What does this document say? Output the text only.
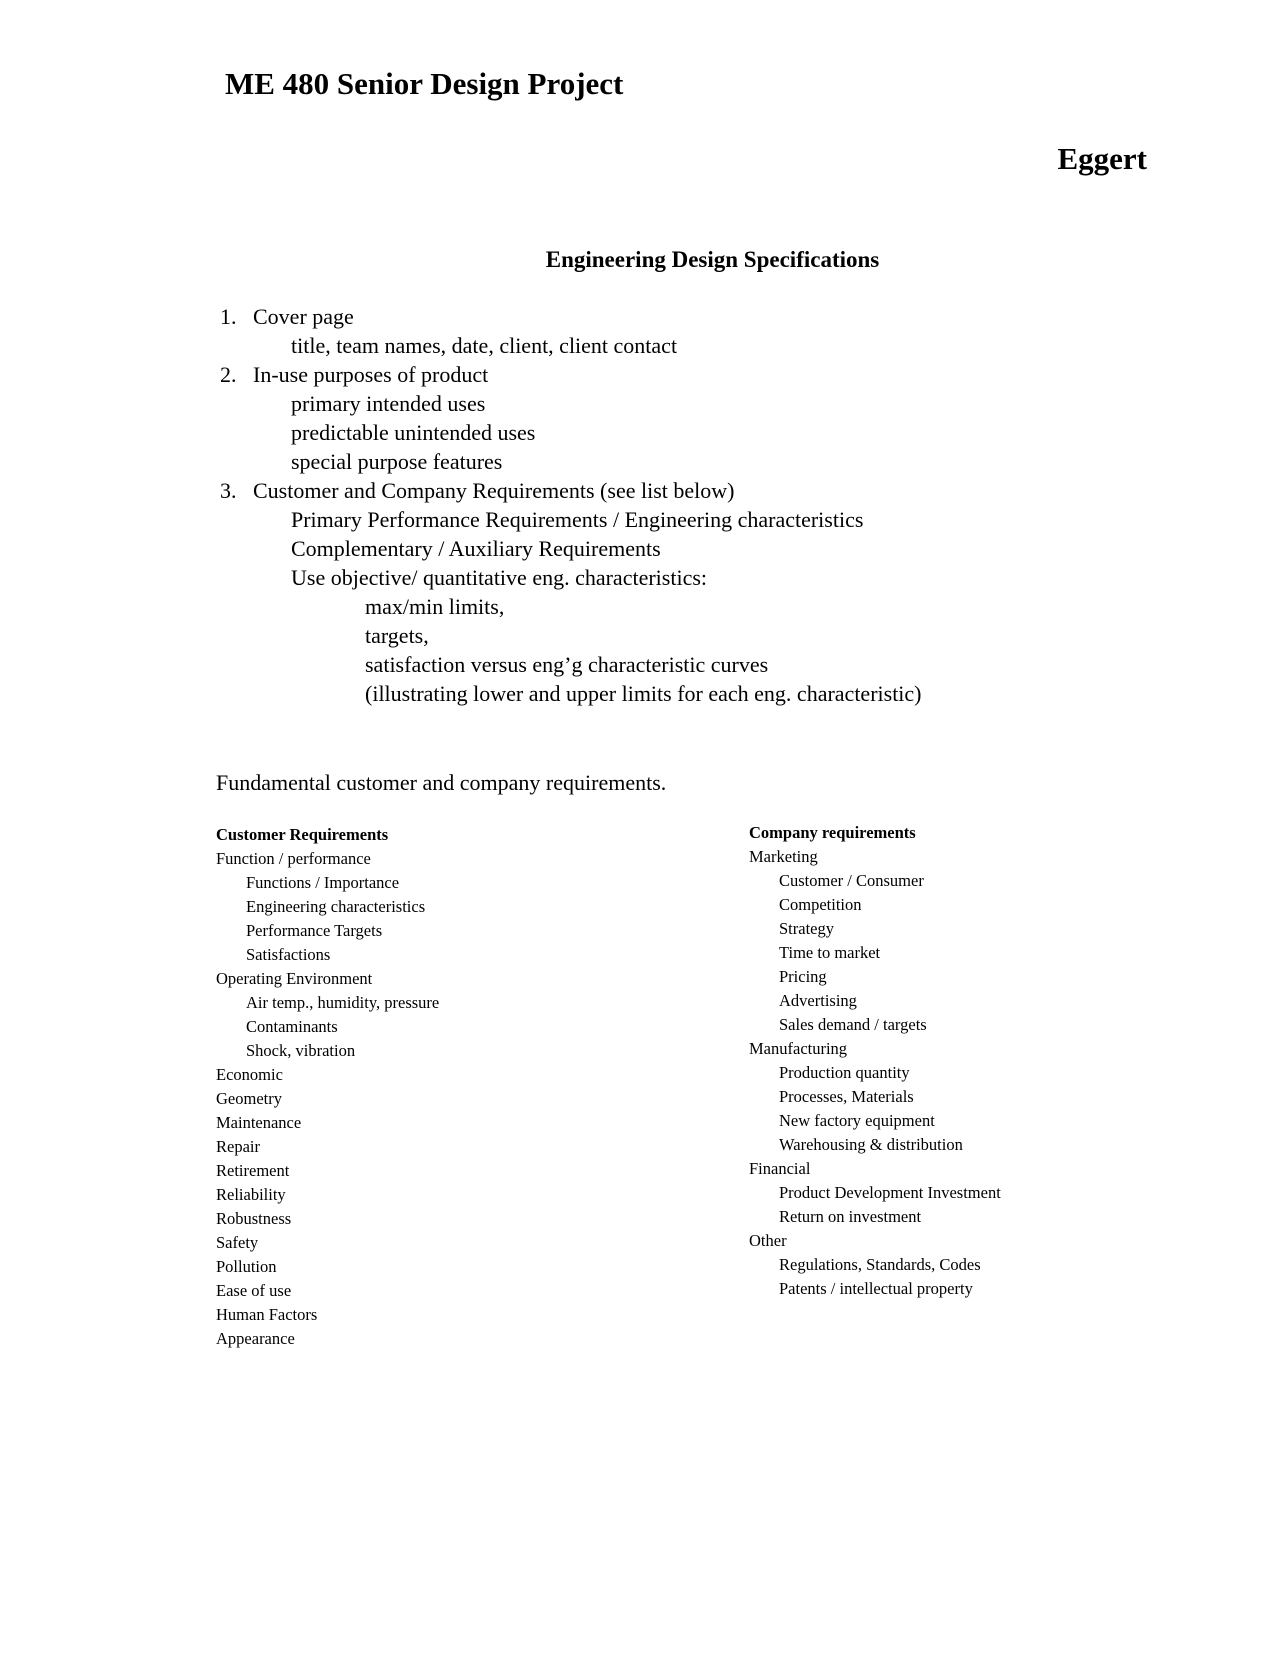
ME 480 Senior Design Project
Eggert
Engineering Design Specifications
1. Cover page
title, team names, date, client, client contact
2. In-use purposes of product
primary intended uses
predictable unintended uses
special purpose features
3. Customer and Company Requirements (see list below)
Primary Performance Requirements / Engineering characteristics
Complementary / Auxiliary Requirements
Use objective/ quantitative eng. characteristics:
max/min limits,
targets,
satisfaction versus eng’g characteristic curves
(illustrating lower and upper limits for each eng. characteristic)
Fundamental customer and company requirements.
Customer Requirements
Function / performance
Functions / Importance
Engineering characteristics
Performance Targets
Satisfactions
Operating Environment
Air temp., humidity, pressure
Contaminants
Shock, vibration
Economic
Geometry
Maintenance
Repair
Retirement
Reliability
Robustness
Safety
Pollution
Ease of use
Human Factors
Appearance
Company requirements
Marketing
Customer / Consumer
Competition
Strategy
Time to market
Pricing
Advertising
Sales demand / targets
Manufacturing
Production quantity
Processes, Materials
New factory equipment
Warehousing & distribution
Financial
Product Development Investment
Return on investment
Other
Regulations, Standards, Codes
Patents / intellectual property
